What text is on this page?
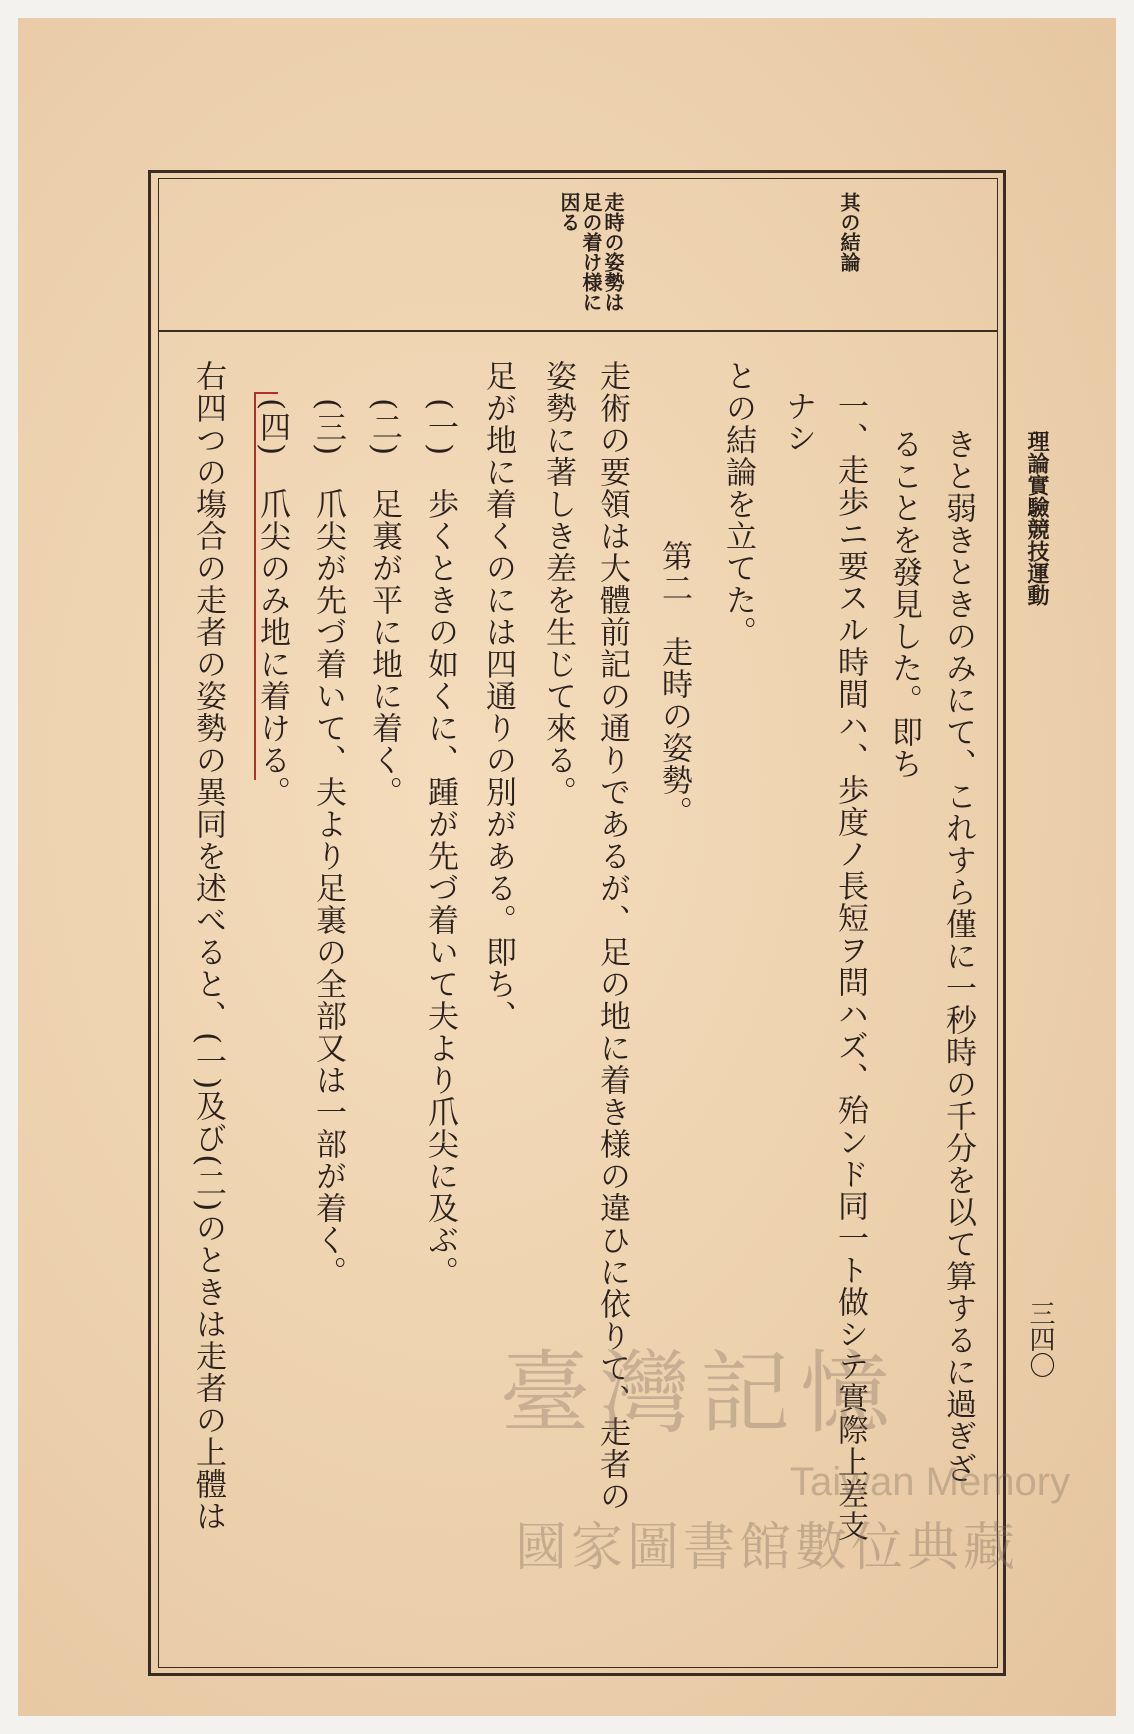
理論實驗競技運動
三四〇
其の結論
走時の姿勢は
足の着け様に
因る
きと弱きときのみにて、これすら僅に一秒時の千分を以て算するに過ぎざ
ることを發見した。即ち
一、走歩ニ要スル時間ハ、歩度ノ長短ヲ問ハズ、殆ンド同一ト做シテ實際上差支
ナシ
との結論を立てた。
第二　走時の姿勢。
走術の要領は大體前記の通りであるが、足の地に着き様の違ひに依りて、走者の
姿勢に著しき差を生じて來る。
足が地に着くのには四通りの別がある。即ち、
(一)　歩くときの如くに、踵が先づ着いて夫より爪尖に及ぶ。
(二)　足裏が平に地に着く。
(三)　爪尖が先づ着いて、夫より足裏の全部又は一部が着く。
(四)　爪尖のみ地に着ける。
右四つの塲合の走者の姿勢の異同を述べると、(一)及び(二)のときは走者の上體は	臺灣記憶
Taiwan Memory
國家圖書館數位典藏
